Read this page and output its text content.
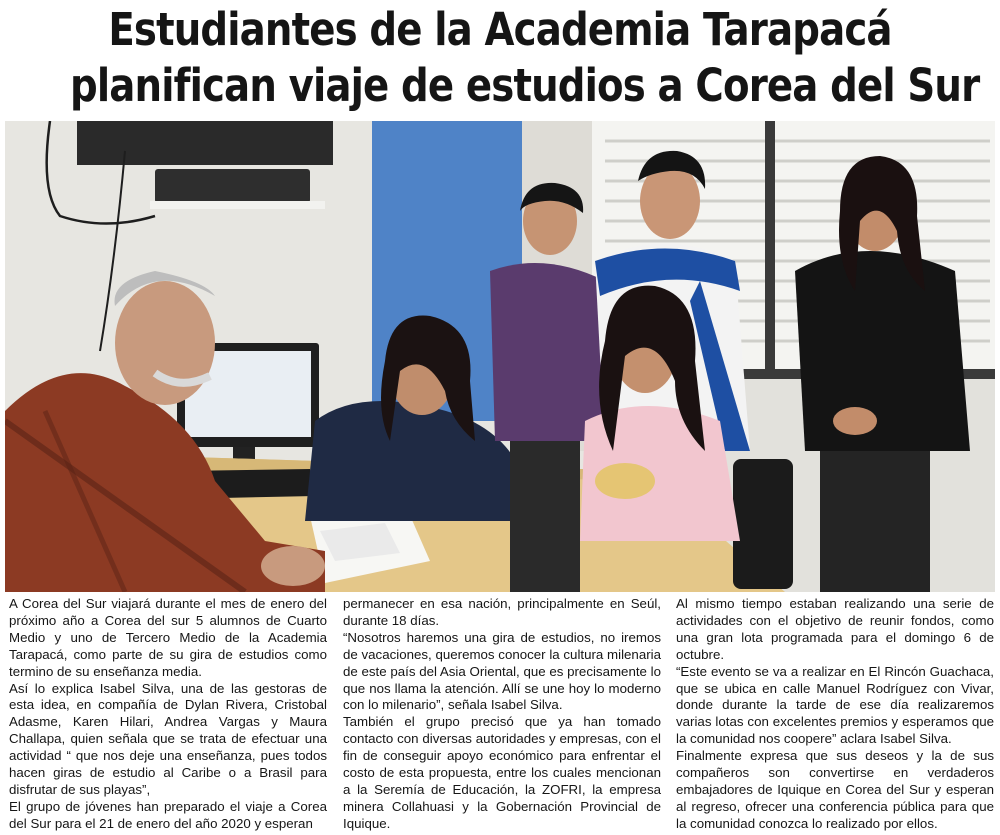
Estudiantes de la Academia Tarapacá
planifican viaje de estudios a Corea del Sur

A Corea del Sur viajará durante el mes de enero del próximo año a Corea del sur 5 alumnos de Cuarto Medio y uno de Tercero Medio de la Academia Tarapacá, como parte de su gira de estudios como termino de su enseñanza media.

Así lo explica Isabel Silva, una de las gestoras de esta idea, en compañía de Dylan Rivera, Cristobal Adasme, Karen Hilari, Andrea Vargas y Maura Challapa, quien señala que se trata de efectuar una actividad “ que nos deje una enseñanza, pues todos hacen giras de estudio al Caribe o a Brasil para disfrutar de sus playas”,

El grupo de jóvenes han preparado el viaje a Corea del Sur para el 21 de enero del año 2020 y esperan

permanecer en esa nación, principalmente en Seúl, durante 18 días.

“Nosotros haremos una gira de estudios, no iremos de vacaciones, queremos conocer la cultura milenaria de este país del Asia Oriental, que es precisamente lo que nos llama la atención. Allí se une hoy lo moderno con lo milenario”, señala Isabel Silva.

También el grupo precisó que ya han tomado contacto con diversas autoridades y empresas, con el fin de conseguir apoyo económico para enfrentar el costo de esta propuesta, entre los cuales mencionan a la Seremía de Educación, la ZOFRI, la empresa minera Collahuasi y la Gobernación Provincial de Iquique.

Al mismo tiempo estaban realizando una serie de actividades con el objetivo de reunir fondos, como una gran lota programada para el domingo 6 de octubre.

“Este evento se va a realizar en El Rincón Guachaca, que se ubica en calle Manuel Rodríguez con Vivar, donde durante la tarde de ese día realizaremos varias lotas con excelentes premios y esperamos que la comunidad nos coopere” aclara Isabel Silva.

Finalmente expresa que sus deseos y la de sus compañeros son convertirse en verdaderos embajadores de Iquique en Corea del Sur y esperan al regreso, ofrecer una conferencia pública para que la comunidad conozca lo realizado por ellos.
